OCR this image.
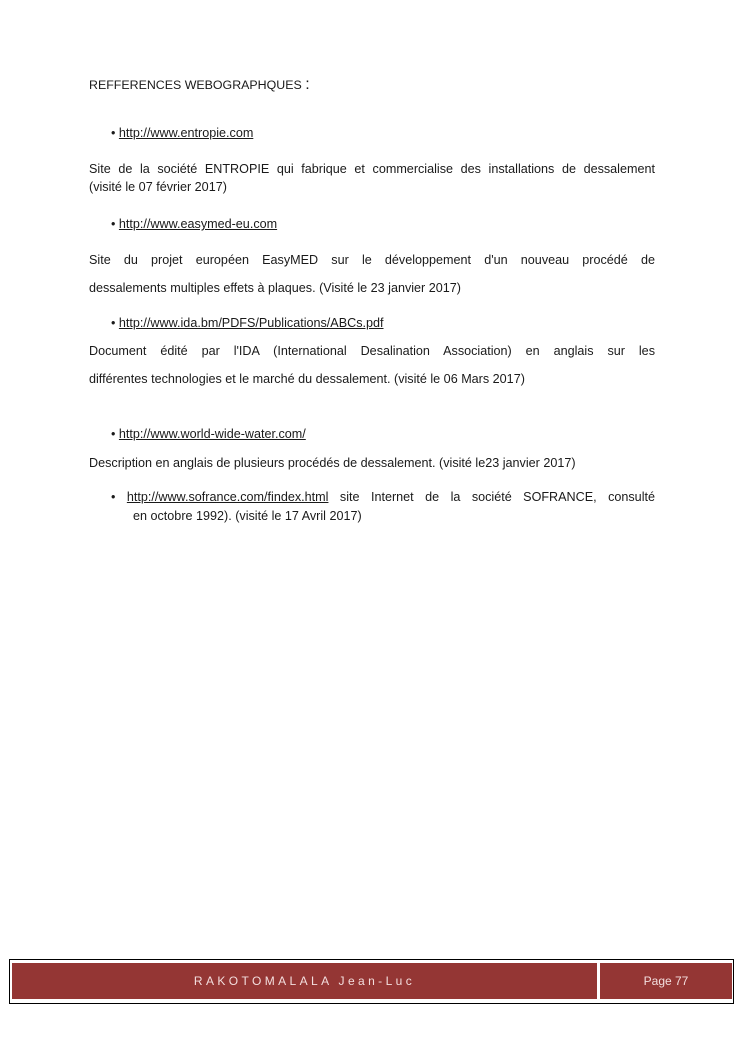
REFFERENCES WEBOGRAPHQUES :
• http://www.entropie.com
Site de la société ENTROPIE qui fabrique et commercialise des installations de dessalement
(visité le 07 février 2017)
• http://www.easymed-eu.com
Site du projet européen EasyMED sur le développement d'un nouveau procédé de
dessalements multiples effets à plaques. (Visité le 23 janvier 2017)
• http://www.ida.bm/PDFS/Publications/ABCs.pdf
Document édité par l'IDA (International Desalination Association) en anglais sur les
différentes technologies et le marché du dessalement. (visité le 06 Mars 2017)
• http://www.world-wide-water.com/
Description en anglais de plusieurs procédés de dessalement. (visité le23 janvier 2017)
• http://www.sofrance.com/findex.html site Internet de la société SOFRANCE, consulté
en octobre 1992). (visité le 17 Avril 2017)
RAKOTOMALALA Jean-Luc	Page 77
